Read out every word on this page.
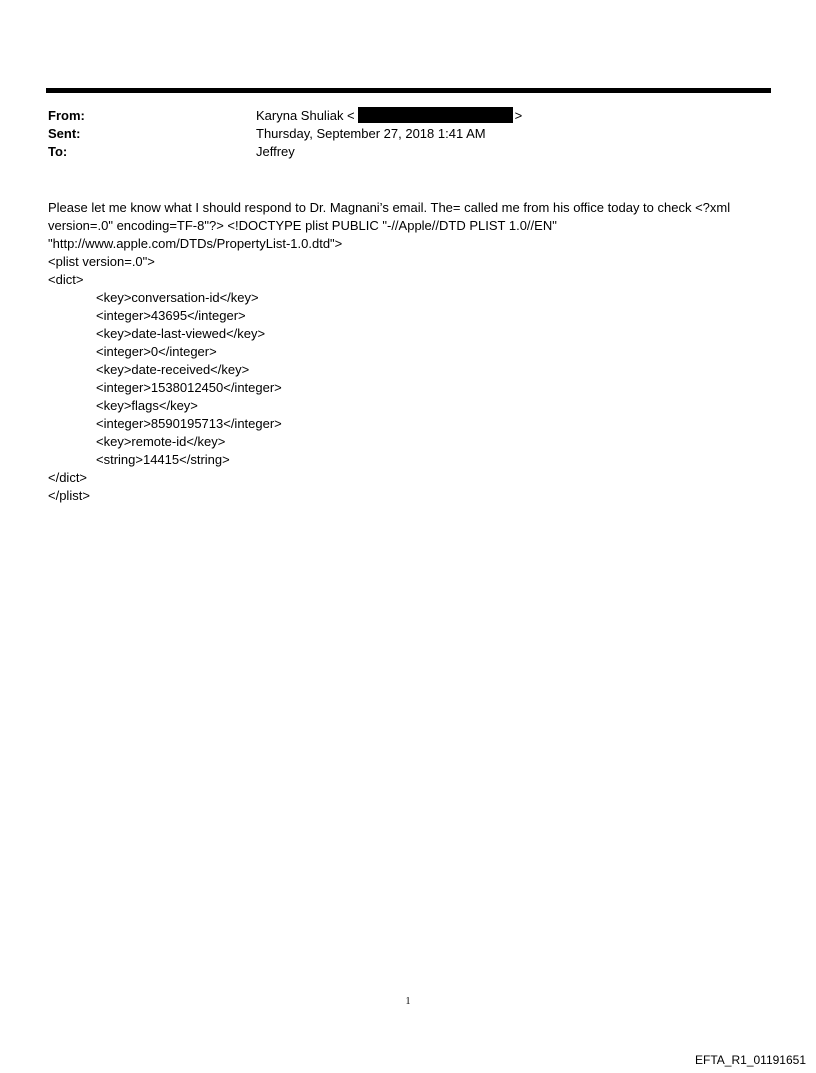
From:	Karyna Shuliak <	>
Sent:	Thursday, September 27, 2018 1:41 AM
To:	Jeffrey
Please let me know what I should respond to Dr. Magnani’s email. The= called me from his office today to check <?xml
version=.0" encoding=TF-8"?> <!DOCTYPE plist PUBLIC "-//Apple//DTD PLIST 1.0//EN"
"http://www.apple.com/DTDs/PropertyList-1.0.dtd">
<plist version=.0">
<dict>
<key>conversation-id</key>
<integer>43695</integer>
<key>date-last-viewed</key>
<integer>0</integer>
<key>date-received</key>
<integer>1538012450</integer>
<key>flags</key>
<integer>8590195713</integer>
<key>remote-id</key>
<string>14415</string>
</dict>
</plist>
1
EFTA_R1_01191651
